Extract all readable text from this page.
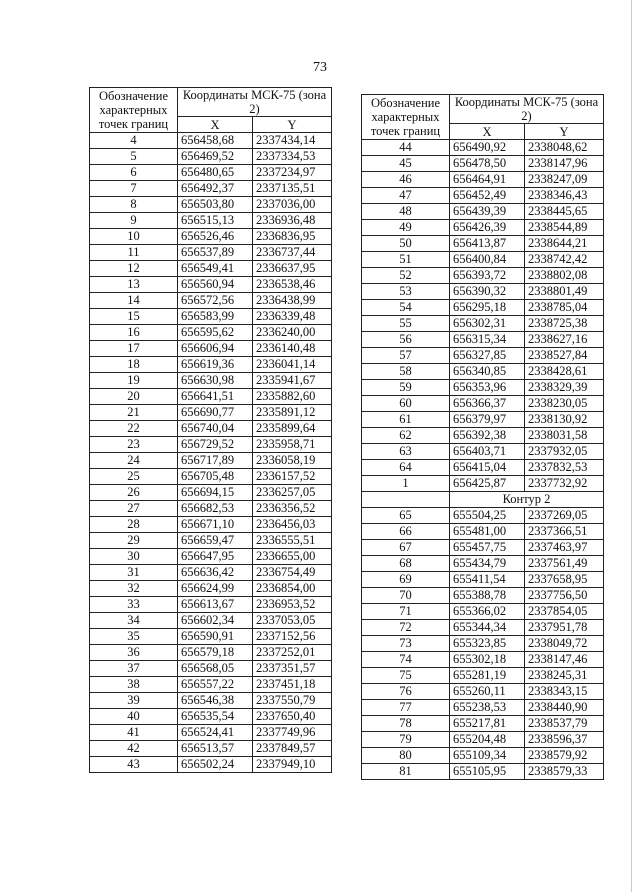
73
Обозначение характерных точек границ	Координаты МСК-75 (зона 2)	
	X	Y
4	656458,68	2337434,14
5	656469,52	2337334,53
6	656480,65	2337234,97
7	656492,37	2337135,51
8	656503,80	2337036,00
9	656515,13	2336936,48
10	656526,46	2336836,95
11	656537,89	2336737,44
12	656549,41	2336637,95
13	656560,94	2336538,46
14	656572,56	2336438,99
15	656583,99	2336339,48
16	656595,62	2336240,00
17	656606,94	2336140,48
18	656619,36	2336041,14
19	656630,98	2335941,67
20	656641,51	2335882,60
21	656690,77	2335891,12
22	656740,04	2335899,64
23	656729,52	2335958,71
24	656717,89	2336058,19
25	656705,48	2336157,52
26	656694,15	2336257,05
27	656682,53	2336356,52
28	656671,10	2336456,03
29	656659,47	2336555,51
30	656647,95	2336655,00
31	656636,42	2336754,49
32	656624,99	2336854,00
33	656613,67	2336953,52
34	656602,34	2337053,05
35	656590,91	2337152,56
36	656579,18	2337252,01
37	656568,05	2337351,57
38	656557,22	2337451,18
39	656546,38	2337550,79
40	656535,54	2337650,40
41	656524,41	2337749,96
42	656513,57	2337849,57
43	656502,24	2337949,10
Обозначение характерных точек границ	Координаты МСК-75 (зона 2)	
	X	Y
44	656490,92	2338048,62
45	656478,50	2338147,96
46	656464,91	2338247,09
47	656452,49	2338346,43
48	656439,39	2338445,65
49	656426,39	2338544,89
50	656413,87	2338644,21
51	656400,84	2338742,42
52	656393,72	2338802,08
53	656390,32	2338801,49
54	656295,18	2338785,04
55	656302,31	2338725,38
56	656315,34	2338627,16
57	656327,85	2338527,84
58	656340,85	2338428,61
59	656353,96	2338329,39
60	656366,37	2338230,05
61	656379,97	2338130,92
62	656392,38	2338031,58
63	656403,71	2337932,05
64	656415,04	2337832,53
1	656425,87	2337732,92
	Контур 2	
65	655504,25	2337269,05
66	655481,00	2337366,51
67	655457,75	2337463,97
68	655434,79	2337561,49
69	655411,54	2337658,95
70	655388,78	2337756,50
71	655366,02	2337854,05
72	655344,34	2337951,78
73	655323,85	2338049,72
74	655302,18	2338147,46
75	655281,19	2338245,31
76	655260,11	2338343,15
77	655238,53	2338440,90
78	655217,81	2338537,79
79	655204,48	2338596,37
80	655109,34	2338579,92
81	655105,95	2338579,33
